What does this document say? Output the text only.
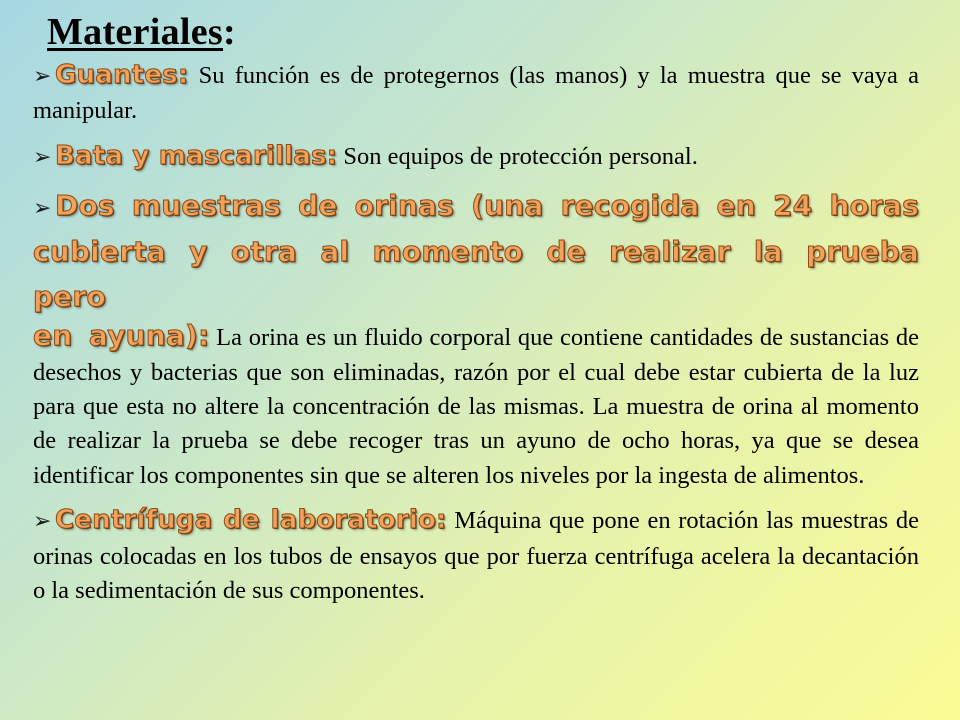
Materiales:

➢ Guantes: Su función es de protegernos (las manos) y la muestra que se vaya a manipular.

➢ Bata y mascarillas: Son equipos de protección personal.

➢ Dos muestras de orinas (una recogida en 24 horas
cubierta y otra al momento de realizar la prueba pero
en ayuna): La orina es un fluido corporal que contiene cantidades de sustancias de desechos y bacterias que son eliminadas, razón por el cual debe estar cubierta de la luz para que esta no altere la concentración de las mismas. La muestra de orina al momento de realizar la prueba se debe recoger tras un ayuno de ocho horas, ya que se desea identificar los componentes sin que se alteren los niveles por la ingesta de alimentos.

➢ Centrífuga de laboratorio: Máquina que pone en rotación las muestras de orinas colocadas en los tubos de ensayos que por fuerza centrífuga acelera la decantación o la sedimentación de sus componentes.
